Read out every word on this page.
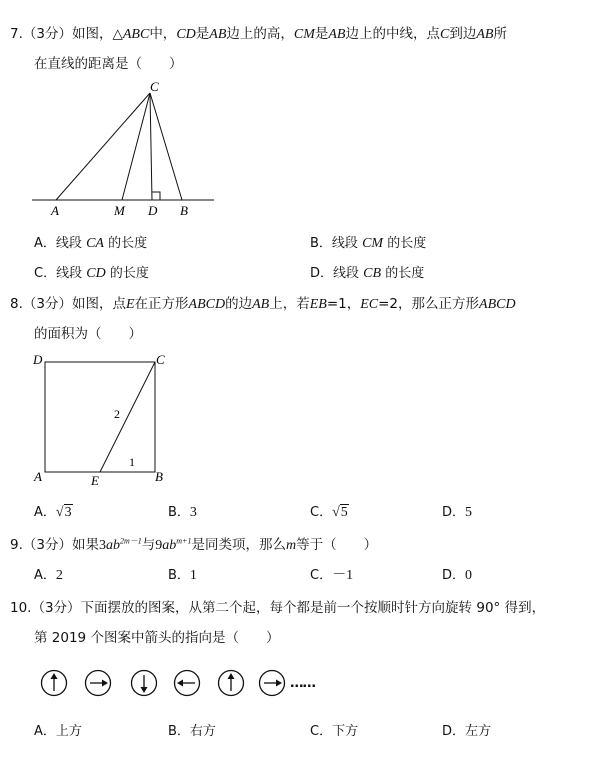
7.（3分）如图，△ABC中，CD是AB边上的高，CM是AB边上的中线，点C到边AB所
在直线的距离是（　　）
C
A	M D B
A．线段 CA 的长度	B．线段 CM 的长度
C．线段 CD 的长度	D．线段 CB 的长度
8.（3分）如图，点E在正方形ABCD的边AB上，若EB=1，EC=2，那么正方形ABCD
的面积为（　　）
D	C
A	E	B
2
1
A．√3	B．3	C．√5	D．5
9.（3分）如果$3ab^{2m-1}$与$9ab^{m+1}$是同类项，那么m等于（　　）
A．2	B．1	C．－1	D．0
10.（3分）下面摆放的图案，从第二个起，每个都是前一个按顺时针方向旋转 90° 得到，
第 2019 个图案中箭头的指向是（　　）
……
A．上方	B．右方	C．下方	D．左方
